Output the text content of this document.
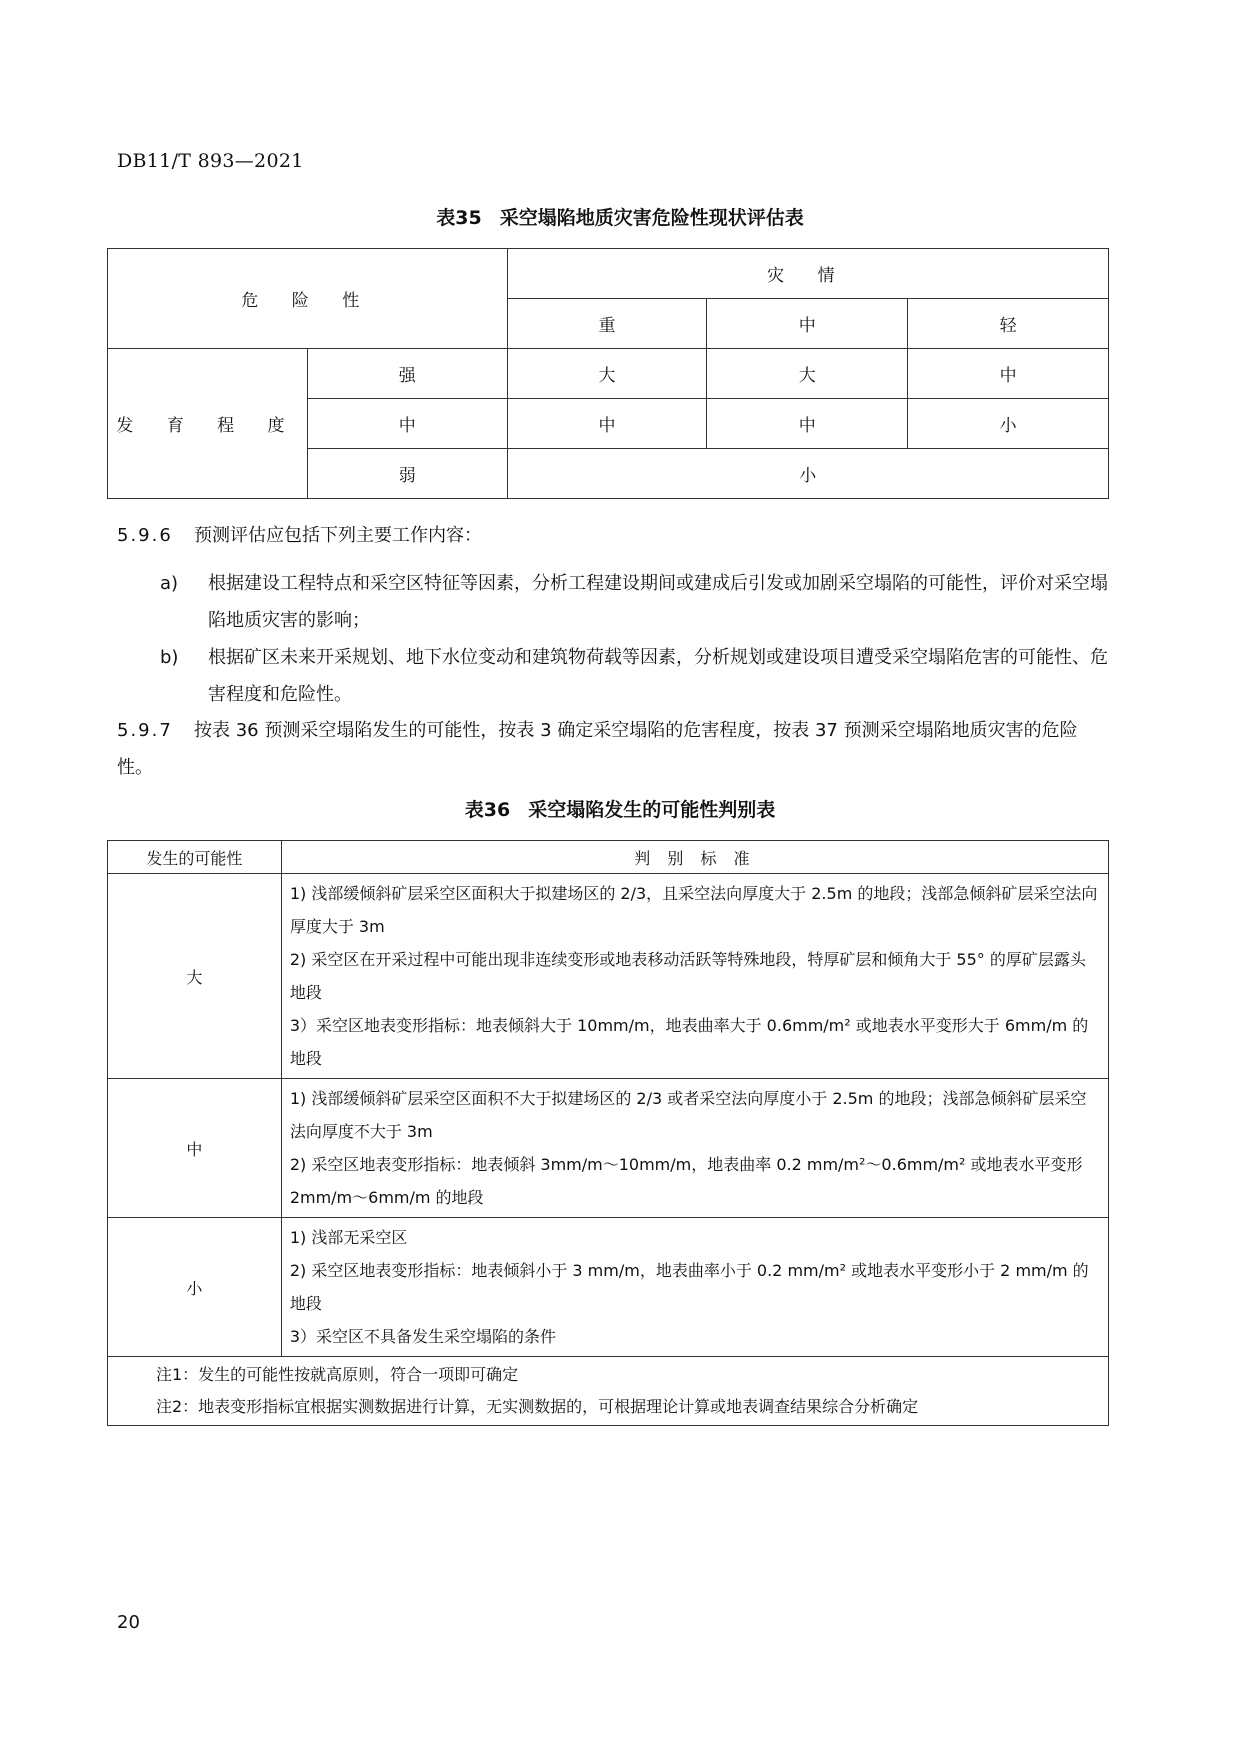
DB11/T 893—2021
表35 采空塌陷地质灾害危险性现状评估表
危 险 性		灾 情		
		重	中	轻
发 育 程 度	强	大	大	中
	中	中	中	小
	弱	小		
5.9.6 预测评估应包括下列主要工作内容：
a)	根据建设工程特点和采空区特征等因素，分析工程建设期间或建成后引发或加剧采空塌陷的可能性，评价对采空塌陷地质灾害的影响；
b)	根据矿区未来开采规划、地下水位变动和建筑物荷载等因素，分析规划或建设项目遭受采空塌陷危害的可能性、危害程度和危险性。
5.9.7 按表 36 预测采空塌陷发生的可能性，按表 3 确定采空塌陷的危害程度，按表 37 预测采空塌陷地质灾害的危险性。
表36 采空塌陷发生的可能性判别表
发生的可能性	判 别 标 准
大	1) 浅部缓倾斜矿层采空区面积大于拟建场区的 2/3，且采空法向厚度大于 2.5m 的地段；浅部急倾斜矿层采空法向厚度大于 3m
2) 采空区在开采过程中可能出现非连续变形或地表移动活跃等特殊地段，特厚矿层和倾角大于 55° 的厚矿层露头地段
3）采空区地表变形指标：地表倾斜大于 10mm/m，地表曲率大于 0.6mm/m² 或地表水平变形大于 6mm/m 的地段

中	1) 浅部缓倾斜矿层采空区面积不大于拟建场区的 2/3 或者采空法向厚度小于 2.5m 的地段；浅部急倾斜矿层采空法向厚度不大于 3m
2) 采空区地表变形指标：地表倾斜 3mm/m～10mm/m，地表曲率 0.2 mm/m²～0.6mm/m² 或地表水平变形 2mm/m～6mm/m 的地段

小	1) 浅部无采空区
2) 采空区地表变形指标：地表倾斜小于 3 mm/m，地表曲率小于 0.2 mm/m² 或地表水平变形小于 2 mm/m 的地段
3）采空区不具备发生采空塌陷的条件

注1：发生的可能性按就高原则，符合一项即可确定
注2：地表变形指标宜根据实测数据进行计算，无实测数据的，可根据理论计算或地表调查结果综合分析确定	
20
